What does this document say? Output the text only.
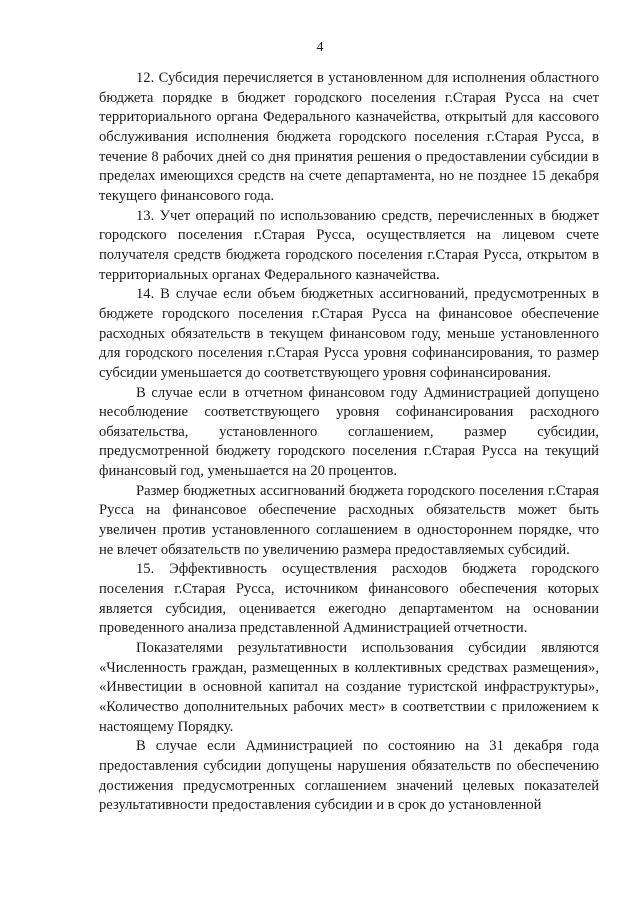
4

12. Субсидия перечисляется в установленном для исполнения областного бюджета порядке в бюджет городского поселения г.Старая Русса на счет территориального органа Федерального казначейства, открытый для кассового обслуживания исполнения бюджета городского поселения г.Старая Русса, в течение 8 рабочих дней со дня принятия решения о предоставлении субсидии в пределах имеющихся средств на счете департамента, но не позднее 15 декабря текущего финансового года.

13. Учет операций по использованию средств, перечисленных в бюджет городского поселения г.Старая Русса, осуществляется на лицевом счете получателя средств бюджета городского поселения г.Старая Русса, открытом в территориальных органах Федерального казначейства.

14. В случае если объем бюджетных ассигнований, предусмотренных в бюджете городского поселения г.Старая Русса на финансовое обеспечение расходных обязательств в текущем финансовом году, меньше установленного для городского поселения г.Старая Русса уровня софинансирования, то размер субсидии уменьшается до соответствующего уровня софинансирования.

В случае если в отчетном финансовом году Администрацией допущено несоблюдение соответствующего уровня софинансирования расходного обязательства, установленного соглашением, размер субсидии, предусмотренной бюджету городского поселения г.Старая Русса на текущий финансовый год, уменьшается на 20 процентов.

Размер бюджетных ассигнований бюджета городского поселения г.Старая Русса на финансовое обеспечение расходных обязательств может быть увеличен против установленного соглашением в одностороннем порядке, что не влечет обязательств по увеличению размера предоставляемых субсидий.

15. Эффективность осуществления расходов бюджета городского поселения г.Старая Русса, источником финансового обеспечения которых является субсидия, оценивается ежегодно департаментом на основании проведенного анализа представленной Администрацией отчетности.

Показателями результативности использования субсидии являются «Численность граждан, размещенных в коллективных средствах размещения», «Инвестиции в основной капитал на создание туристской инфраструктуры», «Количество дополнительных рабочих мест» в соответствии с приложением к настоящему Порядку.

В случае если Администрацией по состоянию на 31 декабря года предоставления субсидии допущены нарушения обязательств по обеспечению достижения предусмотренных соглашением значений целевых показателей результативности предоставления субсидии и в срок до установленной
